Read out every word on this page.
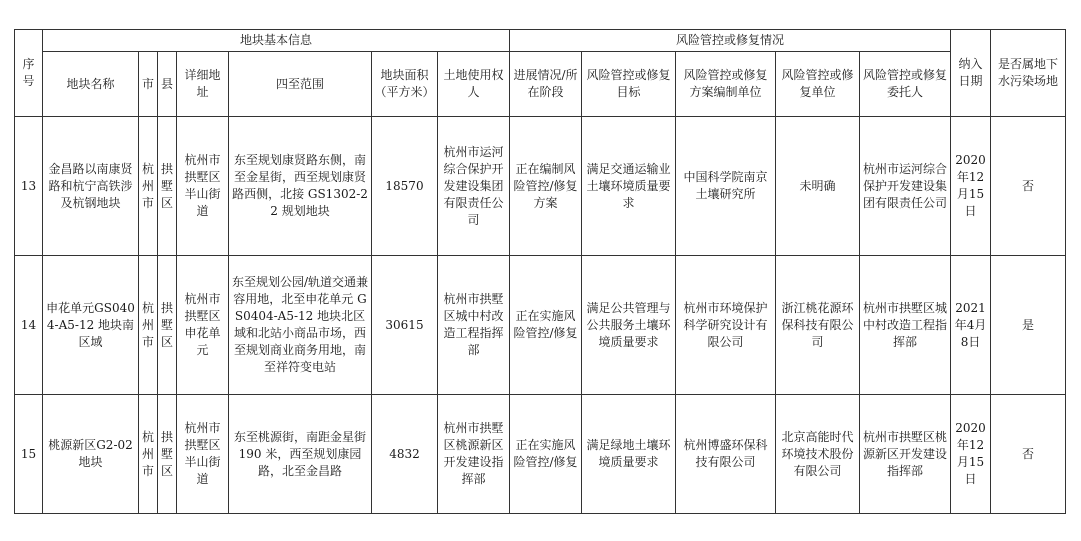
序号	地块基本信息							风险管控或修复情况					纳入日期	是否属地下水污染场地
	地块名称	市	县	详细地址	四至范围	地块面积（平方米）	土地使用权人	进展情况/所在阶段	风险管控或修复目标	风险管控或修复方案编制单位	风险管控或修复单位	风险管控或修复委托人		
13	金昌路以南康贤路和杭宁高铁涉及杭钢地块	杭州市	拱墅区	杭州市拱墅区半山街道	东至规划康贤路东侧，南至金星街，西至规划康贤路西侧，北接 GS1302-22 规划地块	18570	杭州市运河综合保护开发建设集团有限责任公司	正在编制风险管控/修复方案	满足交通运输业土壤环境质量要求	中国科学院南京土壤研究所	未明确	杭州市运河综合保护开发建设集团有限责任公司	2020年12月15日	否
14	申花单元GS0404-A5-12 地块南区域	杭州市	拱墅区	杭州市拱墅区申花单元	东至规划公园/轨道交通兼容用地，北至申花单元 GS0404-A5-12 地块北区域和北站小商品市场，西至规划商业商务用地，南至祥符变电站	30615	杭州市拱墅区城中村改造工程指挥部	正在实施风险管控/修复	满足公共管理与公共服务土壤环境质量要求	杭州市环境保护科学研究设计有限公司	浙江桃花源环保科技有限公司	杭州市拱墅区城中村改造工程指挥部	2021年4月8日	是
15	桃源新区G2-02 地块	杭州市	拱墅区	杭州市拱墅区半山街道	东至桃源街，南距金星街 190 米，西至规划康园路，北至金昌路	4832	杭州市拱墅区桃源新区开发建设指挥部	正在实施风险管控/修复	满足绿地土壤环境质量要求	杭州博盛环保科技有限公司	北京高能时代环境技术股份有限公司	杭州市拱墅区桃源新区开发建设指挥部	2020年12月15日	否
